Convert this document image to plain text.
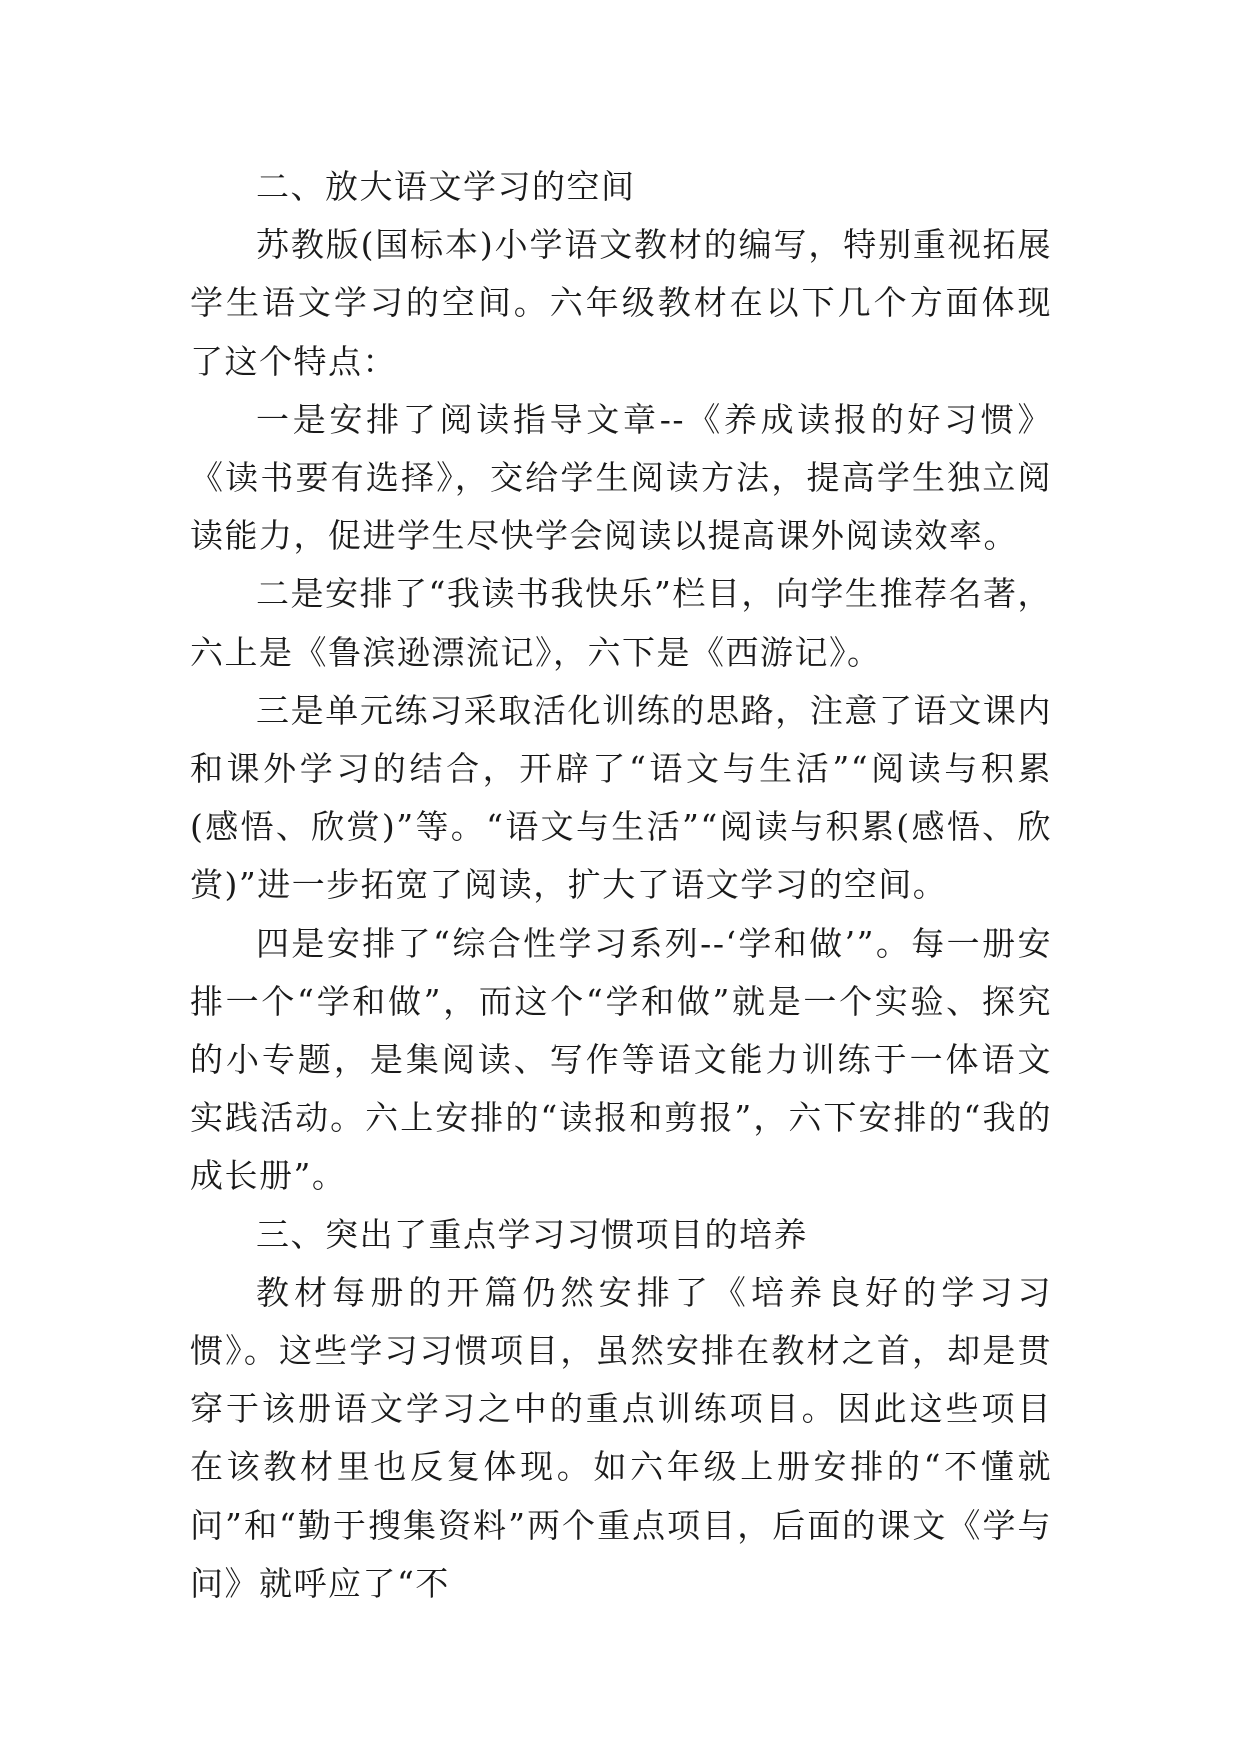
二、放大语文学习的空间

苏教版(国标本)小学语文教材的编写，特别重视拓展学生语文学习的空间。六年级教材在以下几个方面体现了这个特点：

一是安排了阅读指导文章--《养成读报的好习惯》《读书要有选择》，交给学生阅读方法，提高学生独立阅读能力，促进学生尽快学会阅读以提高课外阅读效率。

二是安排了“我读书我快乐”栏目，向学生推荐名著，六上是《鲁滨逊漂流记》，六下是《西游记》。

三是单元练习采取活化训练的思路，注意了语文课内和课外学习的结合，开辟了“语文与生活”“阅读与积累(感悟、欣赏)”等。“语文与生活”“阅读与积累(感悟、欣赏)”进一步拓宽了阅读，扩大了语文学习的空间。

四是安排了“综合性学习系列--‘学和做’”。每一册安排一个“学和做”，而这个“学和做”就是一个实验、探究的小专题，是集阅读、写作等语文能力训练于一体语文实践活动。六上安排的“读报和剪报”，六下安排的“我的成长册”。

三、突出了重点学习习惯项目的培养

教材每册的开篇仍然安排了《培养良好的学习习惯》。这些学习习惯项目，虽然安排在教材之首，却是贯穿于该册语文学习之中的重点训练项目。因此这些项目在该教材里也反复体现。如六年级上册安排的“不懂就问”和“勤于搜集资料”两个重点项目，后面的课文《学与问》就呼应了“不
